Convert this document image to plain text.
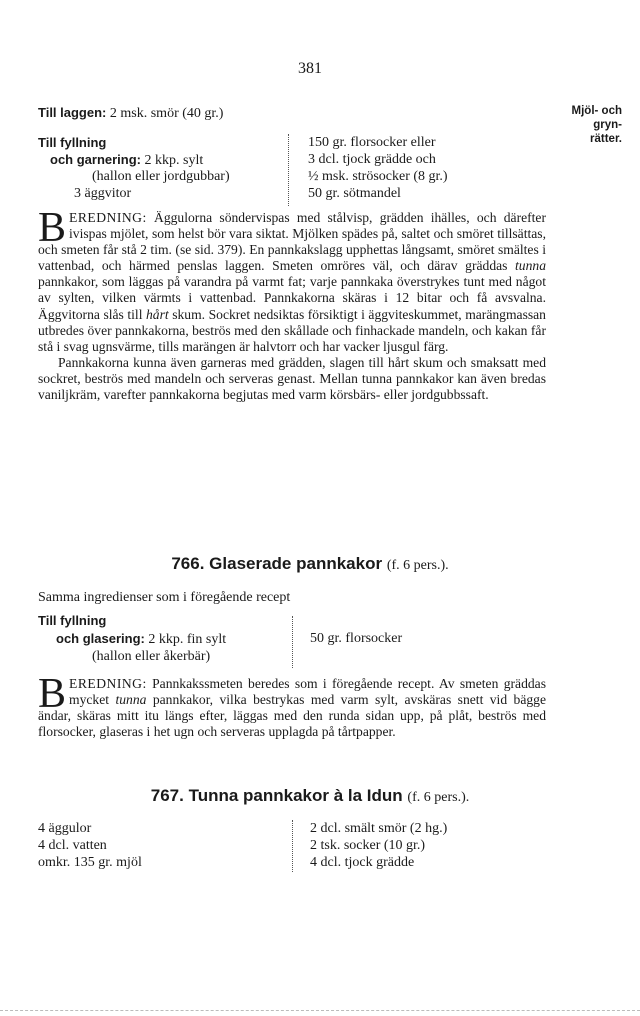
381
Mjöl- och
gryn-
rätter.
Till laggen: 2 msk. smör (40 gr.)
Till fyllning
och garnering: 2 kkp. sylt
(hallon eller jordgubbar)
3 äggvitor
150 gr. florsocker eller
3 dcl. tjock grädde och
½ msk. strösocker (8 gr.)
50 gr. sötmandel

BEREDNING: Äggulorna söndervispas med stålvisp, grädden ihälles, och därefter ivispas mjölet, som helst bör vara siktat. Mjölken spädes på, saltet och smöret tillsättas, och smeten får stå 2 tim. (se sid. 379). En pannkakslagg upphettas långsamt, smöret smältes i vattenbad, och härmed penslas laggen. Smeten omröres väl, och därav gräddas tunna pannkakor, som läggas på varandra på varmt fat; varje pannkaka överstrykes tunt med något av sylten, vilken värmts i vattenbad. Pannkakorna skäras i 12 bitar och få avsvalna. Äggvitorna slås till hårt skum. Sockret nedsiktas försiktigt i äggviteskummet, marängmassan utbredes över pannkakorna, beströs med den skållade och finhackade mandeln, och kakan får stå i svag ugnsvärme, tills marängen är halvtorr och har vacker ljusgul färg.

Pannkakorna kunna även garneras med grädden, slagen till hårt skum och smaksatt med sockret, beströs med mandeln och serveras genast. Mellan tunna pannkakor kan även bredas vaniljkräm, varefter pannkakorna begjutas med varm körsbärs- eller jordgubbssaft.

766. Glaserade pannkakor (f. 6 pers.).
Samma ingredienser som i föregående recept
Till fyllning
och glasering: 2 kkp. fin sylt
(hallon eller åkerbär)
50 gr. florsocker

BEREDNING: Pannkakssmeten beredes som i föregående recept. Av smeten gräddas mycket tunna pannkakor, vilka bestrykas med varm sylt, avskäras snett vid bägge ändar, skäras mitt itu längs efter, läggas med den runda sidan upp, på plåt, beströs med florsocker, glaseras i het ugn och serveras upplagda på tårtpapper.

767. Tunna pannkakor à la Idun (f. 6 pers.).
4 äggulor
4 dcl. vatten
omkr. 135 gr. mjöl
2 dcl. smält smör (2 hg.)
2 tsk. socker (10 gr.)
4 dcl. tjock grädde
